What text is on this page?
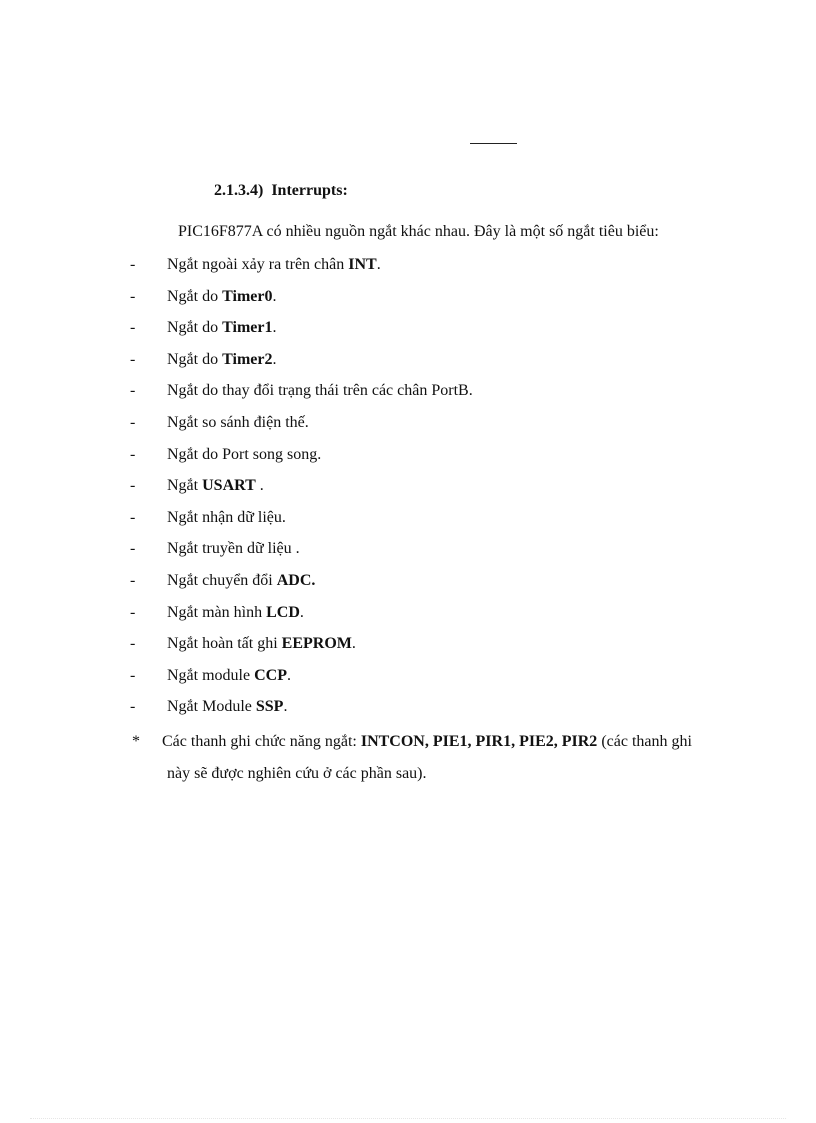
2.1.3.4) Interrupts:
PIC16F877A có nhiều nguồn ngắt khác nhau. Đây là một số ngắt tiêu biểu:
- Ngắt ngoài xảy ra trên chân INT.
- Ngắt do Timer0.
- Ngắt do Timer1.
- Ngắt do Timer2.
- Ngắt do thay đổi trạng thái trên các chân PortB.
- Ngắt so sánh điện thế.
- Ngắt do Port song song.
- Ngắt USART .
- Ngắt nhận dữ liệu.
- Ngắt truyền dữ liệu .
- Ngắt chuyển đổi ADC.
- Ngắt màn hình LCD.
- Ngắt hoàn tất ghi EEPROM.
- Ngắt module CCP.
- Ngắt Module SSP.
* Các thanh ghi chức năng ngắt: INTCON, PIE1, PIR1, PIE2, PIR2 (các thanh ghi
này sẽ được nghiên cứu ở các phần sau).
